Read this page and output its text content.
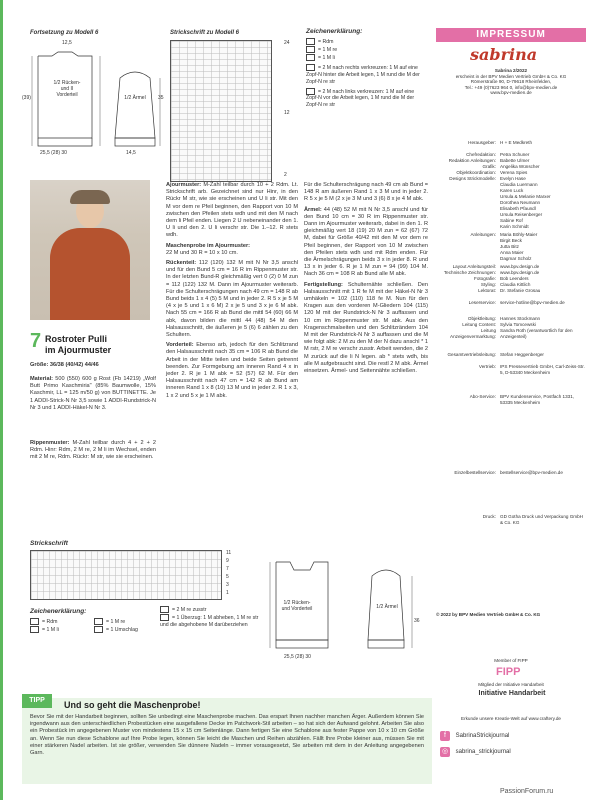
Fortsetzung zu Modell 6
1/2 Rücken- und II Vorderteil	1/2 Ärmel
12,5
(39)
25,5 (28) 30
35
14,5
Strickschrift zu Modell 6
24
12
2
Zeichenerklärung:
= Rdm
= 1 M re
= 1 M li
= 2 M nach rechts verkreuzen: 1 M auf eine Zopf-N hinter die Arbeit legen, 1 M rund die M der Zopf-N re str
= 2 M nach links verkreuzen: 1 M auf eine Zopf-N vor die Arbeit legen, 1 M rund die M der Zopf-N re str
IMPRESSUM
sabrina
Sabrina 2/2022
erscheint in der BPV Medien Vertrieb GmbH & Co. KG
Römerstraße 90, D-79618 Rheinfelden,
Tel.: +49 (0)7623 964 0, info@bpv-medien.de
www.bpv-medien.de
Herausgeber: H + E Medkreth
Chefredaktion: Petra Schuner
Redaktion Anleitungen: Babette Ulmer
Grafik: Angelika Wünscher
Objektkoordination: Verena Spies
Designs Strickmodelle: Evelyn Hase
Claudia Luermann
Karen Luck
Ursula & Melanie Marxer
Dorothea Neumann
Elisabeth Pfaundl
Ursula Reisenberger
Sabine Rof
Karin Schmidt
Anleitungen: Maria Böhly-Maier
Birgit Beck
Jutta Bitz
Anna Maier
Dagmar Scholz
Layout Anleitungsteil: www.bpv.design.de
Technische Zeichnungen: www.bpv.design.de
Fotografie: Bob Leenders
Styling: Claudia Kittlich
Lektorat: Dr. Stefanie Grosau
Leserservice: service-hotline@bpv-medien.de
Objektleitung: Hannes Stockmann
Leitung Content: Sylvia Tomcewski
Leitung Anzeigenvermarktung:
Sandra Roth (verantwortlich für den Anzeigenteil)
Gesamtvertriebsleitung: Stefan Heggenberger
Vertrieb: IPS Pressevertrieb GmbH, Carl-Zeiss-Str. 5, D-53340 Meckenheim
Abo-Service: BPV Kundenservice, Postfach 1331, 53335 Meckenheim
Einzelbestellservice: bestellservice@bpv-medien.de
Druck: GD Gotha Druck und Verpackung GmbH & Co. KG
© 2022 by BPV Medien Vertrieb GmbH & Co. KG
Member of FIPP
FIPP
Mitglied der Initiative Handarbeit
Initiative Handarbeit
Erkunde unsere Kreativ-Welt auf www.craftery.de
f SabrinaStrickjournal
◎ sabrina_strickjournal
7 Rostroter Pulli
im Ajourmuster
Größe: 36/38 (40/42) 44/46
Material: 500 (550) 600 g Rost (Fb 14219) „Wolf Butt Primo Kaschmiria" (85% Baumwolle, 15% Kaschmir, LL = 125 m/50 g) von BUTTINETTE. Je 1 ADDI-Strick-N Nr 3,5 sowie 1 ADDI-Rundstrick-N Nr 3 und 1 ADDI-Häkel-N Nr 3.
Rippenmuster: M-Zahl teilbar durch 4 + 2 + 2 Rdm. Hinr: Rdm, 2 M re, 2 M li im Wechsel, enden mit 2 M re, Rdm. Rückr: M str, wie sie erscheinen.
Ajourmuster: M-Zahl teilbar durch 10 + 2 Rdm. Lt. Strickschrift arb. Gezeichnet sind nur Hinr, in den Rückr M str, wie sie erscheinen und U li str. Mit den M vor dem re Pfeil beginnen, den Rapport von 10 M zwischen den Pfeilen stets wdh und mit den M nach dem li Pfeil enden. Liegen 2 U nebeneinander den 1. U li und den 2. U li verschr str. Die 1.–12. R stets wdh.
Maschenprobe im Ajourmuster:
22 M und 30 R = 10 x 10 cm.
Rückenteil: 112 (120) 132 M mit N Nr 3,5 anschl und für den Bund 5 cm = 16 R im Rippenmuster str. In der letzten Bund-R gleichmäßig vert 0 (2) 0 M zun = 112 (122) 132 M. Dann im Ajourmuster weiterarb. Für die Schulterschrägungen nach 49 cm = 148 R ab Bund beids 1 x 4 (5) 5 M und in jeder 2. R 5 x je 5 M (4 x je 5 und 1 x 6 M) 2 x je 5 und 3 x je 6 M abk. Nach 55 cm = 166 R ab Bund die mittl 54 (60) 66 M abk, davon bilden die mittl 44 (48) 54 M den Halsausschnitt, die äußeren je 5 (6) 6 zählen zu den Schultern.
Vorderteil: Ebenso arb, jedoch für den Schlitzrand den Halsausschnitt nach 35 cm = 106 R ab Bund die Arbeit in der Mitte teilen und beide Seiten getrennt beenden. Zur Formgebung am inneren Rand 4 x in jeder 2. R je 1 M abk = 52 (57) 62 M. Für den Halsausschnitt nach 47 cm = 142 R ab Bund am inneren Rand 1 x 8 (10) 13 M und in jeder 2. R 1 x 3, 1 x 2 und 5 x je 1 M abk.
Für die Schulterschrägung nach 49 cm ab Bund = 148 R am äußeren Rand 1 x 3 M und in jeder 2. R 5 x je 5 M (2 x je 3 M und 3 (6) 8 x je 4 M abk.
Ärmel: 44 (48) 52 M mit N Nr 3,5 anschl und für den Bund 10 cm = 30 R im Rippenmuster str. Dann im Ajourmuster weiterarb, dabei in den 1. R gleichmäßig vert 18 (19) 20 M zun = 62 (67) 72 M, dabei für Größe 40/42 mit den M vor dem re Pfeil beginnen, der Rapport von 10 M zwischen den Pfeilen stets wdh und mit Rdm enden. Für die Ärmelschrägungen beids 3 x in jeder 8. R und 13 x in jeder 6. R je 1 M zun = 94 (99) 104 M. Nach 36 cm = 108 R ab Bund alle M abk.
Fertigstellung: Schulternähte schließen. Den Halsausschnitt mit 1 R fe M mit der Häkel-N Nr 3 umhäkeln = 102 (110) 118 fe M. Nun für den Kragen aus den vorderen M-Gliedern 104 (115) 120 M mit der Rundstrick-N Nr 3 auffassen und 10 cm im Rippenmuster str. M abk. Aus den Kragenschmalseiten und den Schlitzrändern 104 M mit der Rundstrick-N Nr 3 auffassen und die M wie folgt abk: 2 M zu den M der N dazu anschl * 1 M rstr, 2 M re verschr zusstr. Arbeit wenden, die 2 M zurück auf die li N legen. ab * stets wdh, bis alle M aufgebraucht sind. Die restl 2 M abk. Ärmel einsetzen. Ärmel- und Seitennähte schließen.
Strickschrift
11
9
7
5
3
1
Zeichenerklärung:
= Rdm
= 1 M li
= 1 M re
= 1 Umschlag
= 2 M re zusstr
= 1 Überzug: 1 M abheben, 1 M re str und die abgehobene M darüberziehen
1/2 Rücken- und Vorderteil	1/2 Ärmel
25,5 (28) 30
36
TIPP	Und so geht die Maschenprobe!
Bevor Sie mit der Handarbeit beginnen, sollten Sie unbedingt eine Maschenprobe machen. Das erspart Ihnen nachher manchen Ärger. Außerdem können Sie irgendwann aus den unterschiedlichen Probestücken eine ausgefallene Decke im Patchwork-Stil arbeiten – so hat sich der Aufwand gelohnt. Arbeiten Sie also ein Probestück im angegebenen Muster von mindestens 15 x 15 cm Seitenlänge. Dann fertigen Sie eine Schablone aus fester Pappe von 10 x 10 cm Größe an. Wenn Sie nun diese Schablone auf Ihre Probe legen, können Sie leicht die Maschen und Reihen abzählen. Fällt Ihre Probe kleiner aus, müssen Sie mit einer stärkeren Nadel arbeiten. Ist sie größer, verwenden Sie dünnere Nadeln – immer vorausgesetzt, Sie arbeiten mit dem in der Anleitung angegebenen Garn.
PassionForum.ru
